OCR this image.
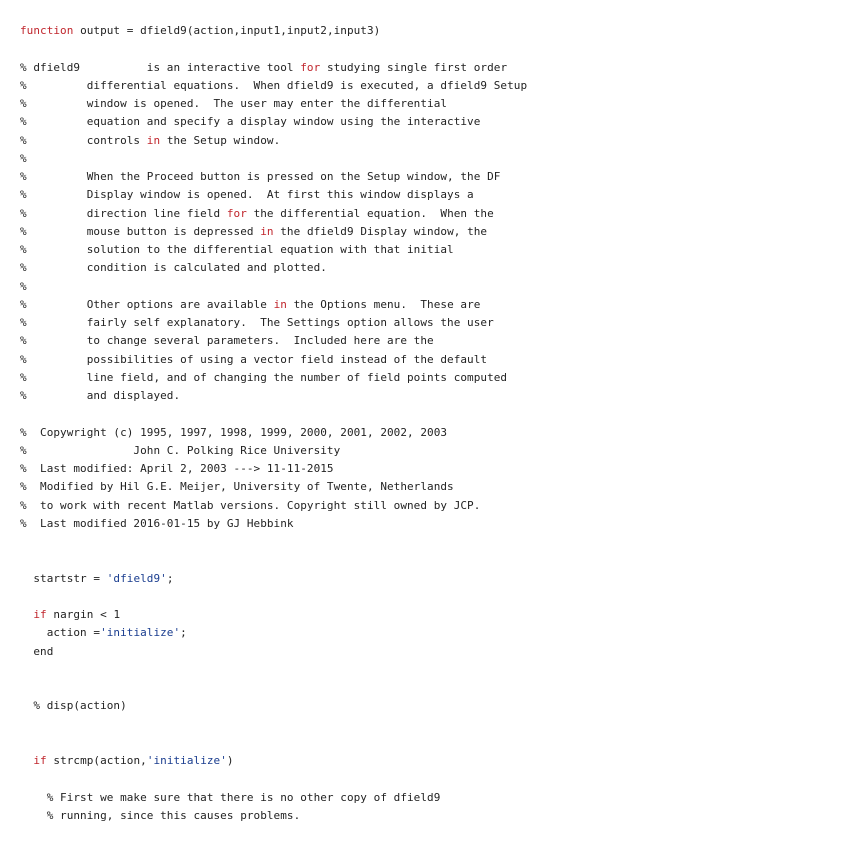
function output = dfield9(action,input1,input2,input3)
% dfield9          is an interactive tool for studying single first order
%         differential equations.  When dfield9 is executed, a dfield9 Setup
%         window is opened.  The user may enter the differential
%         equation and specify a display window using the interactive
%         controls in the Setup window.
%
%         When the Proceed button is pressed on the Setup window, the DF
%         Display window is opened.  At first this window displays a
%         direction line field for the differential equation.  When the
%         mouse button is depressed in the dfield9 Display window, the
%         solution to the differential equation with that initial
%         condition is calculated and plotted.
%
%         Other options are available in the Options menu.  These are
%         fairly self explanatory.  The Settings option allows the user
%         to change several parameters.  Included here are the
%         possibilities of using a vector field instead of the default
%         line field, and of changing the number of field points computed
%         and displayed.
%  Copywright (c) 1995, 1997, 1998, 1999, 2000, 2001, 2002, 2003
%                John C. Polking Rice University
%  Last modified: April 2, 2003 ---> 11-11-2015
%  Modified by Hil G.E. Meijer, University of Twente, Netherlands
%  to work with recent Matlab versions. Copyright still owned by JCP.
%  Last modified 2016-01-15 by GJ Hebbink
startstr = 'dfield9';
if nargin < 1
action ='initialize';
end
% disp(action)
if strcmp(action,'initialize')
% First we make sure that there is no other copy of dfield9
% running, since this causes problems.
